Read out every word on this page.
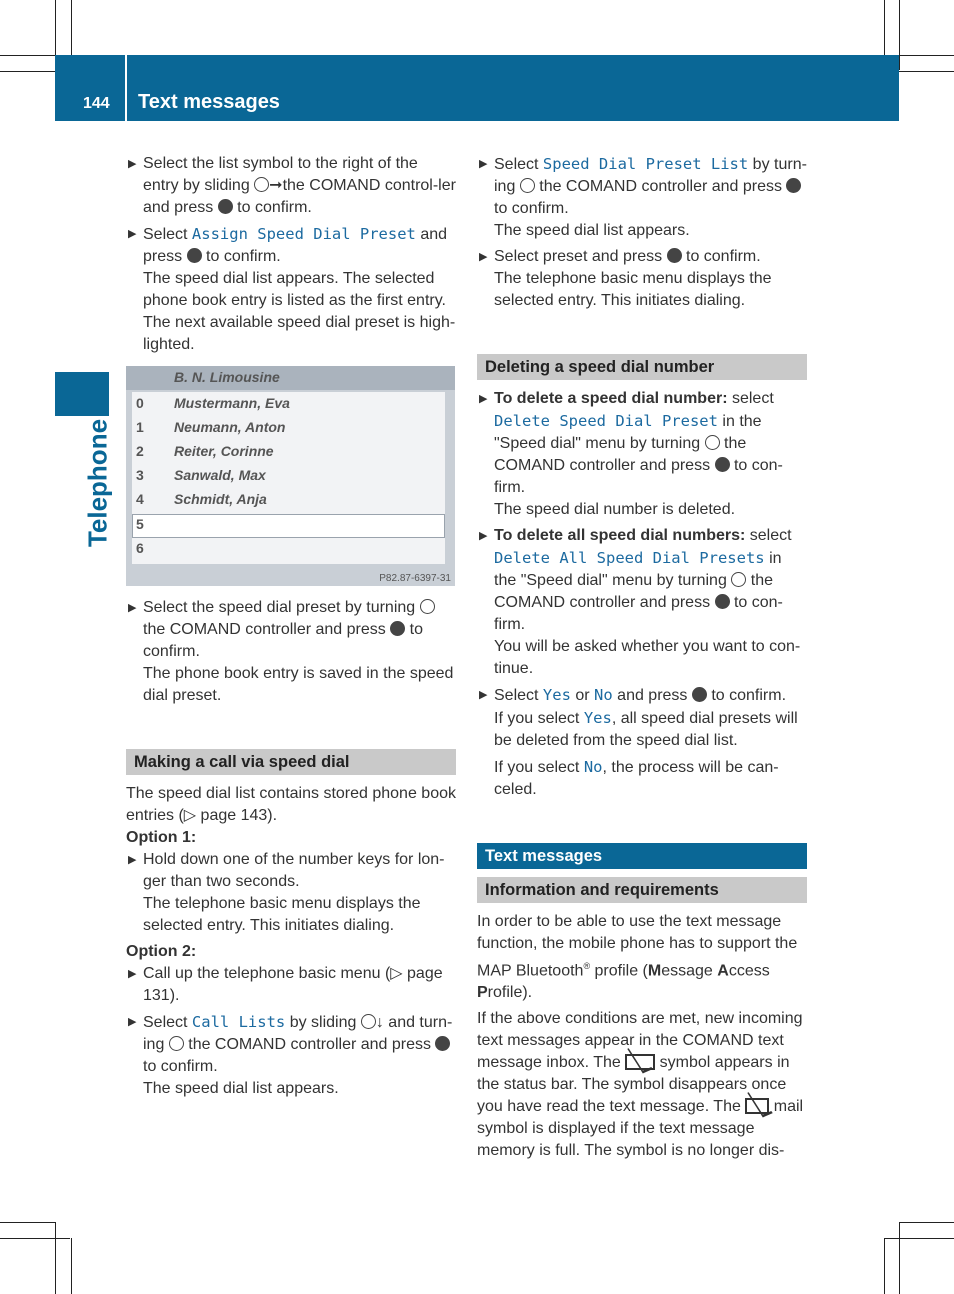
144 Text messages
Telephone
▶ Select the list symbol to the right of the entry by sliding ➞the COMAND control-ler and press  to confirm.
▶ Select Assign Speed Dial Preset and press  to confirm.

The speed dial list appears. The selected phone book entry is listed as the first entry. The next available speed dial preset is high-lighted.

B. N. Limousine
0 Mustermann, Eva
1 Neumann, Anton
2 Reiter, Corinne
3 Sanwald, Max
4 Schmidt, Anja
5
6
P82.87-6397-31
▶ Select the speed dial preset by turning  the COMAND controller and press  to confirm.

The phone book entry is saved in the speed dial preset.

Making a call via speed dial

The speed dial list contains stored phone book entries (▷ page 143).

Option 1:

▶ Hold down one of the number keys for lon-ger than two seconds.

The telephone basic menu displays the selected entry. This initiates dialing.

Option 2:

▶ Call up the telephone basic menu (▷ page 131).
▶ Select Call Lists by sliding ↓ and turn-ing  the COMAND controller and press  to confirm.

The speed dial list appears.

▶ Select Speed Dial Preset List by turn-ing  the COMAND controller and press  to confirm.

The speed dial list appears.

▶ Select preset and press  to confirm.

The telephone basic menu displays the selected entry. This initiates dialing.

Deleting a speed dial number
▶ To delete a speed dial number: select Delete Speed Dial Preset in the "Speed dial" menu by turning  the COMAND controller and press  to con-firm.

The speed dial number is deleted.

▶ To delete all speed dial numbers: select Delete All Speed Dial Presets in the "Speed dial" menu by turning  the COMAND controller and press  to con-firm.

You will be asked whether you want to con-tinue.

▶ Select Yes or No and press  to confirm.

If you select Yes, all speed dial presets will be deleted from the speed dial list.

If you select No, the process will be can-celed.

Text messages
Information and requirements

In order to be able to use the text message function, the mobile phone has to support the MAP Bluetooth® profile (Message Access Profile).

If the above conditions are met, new incoming text messages appear in the COMAND text message inbox. The  symbol appears in the status bar. The symbol disappears once you have read the text message. The  mail symbol is displayed if the text message memory is full. The symbol is no longer dis-
